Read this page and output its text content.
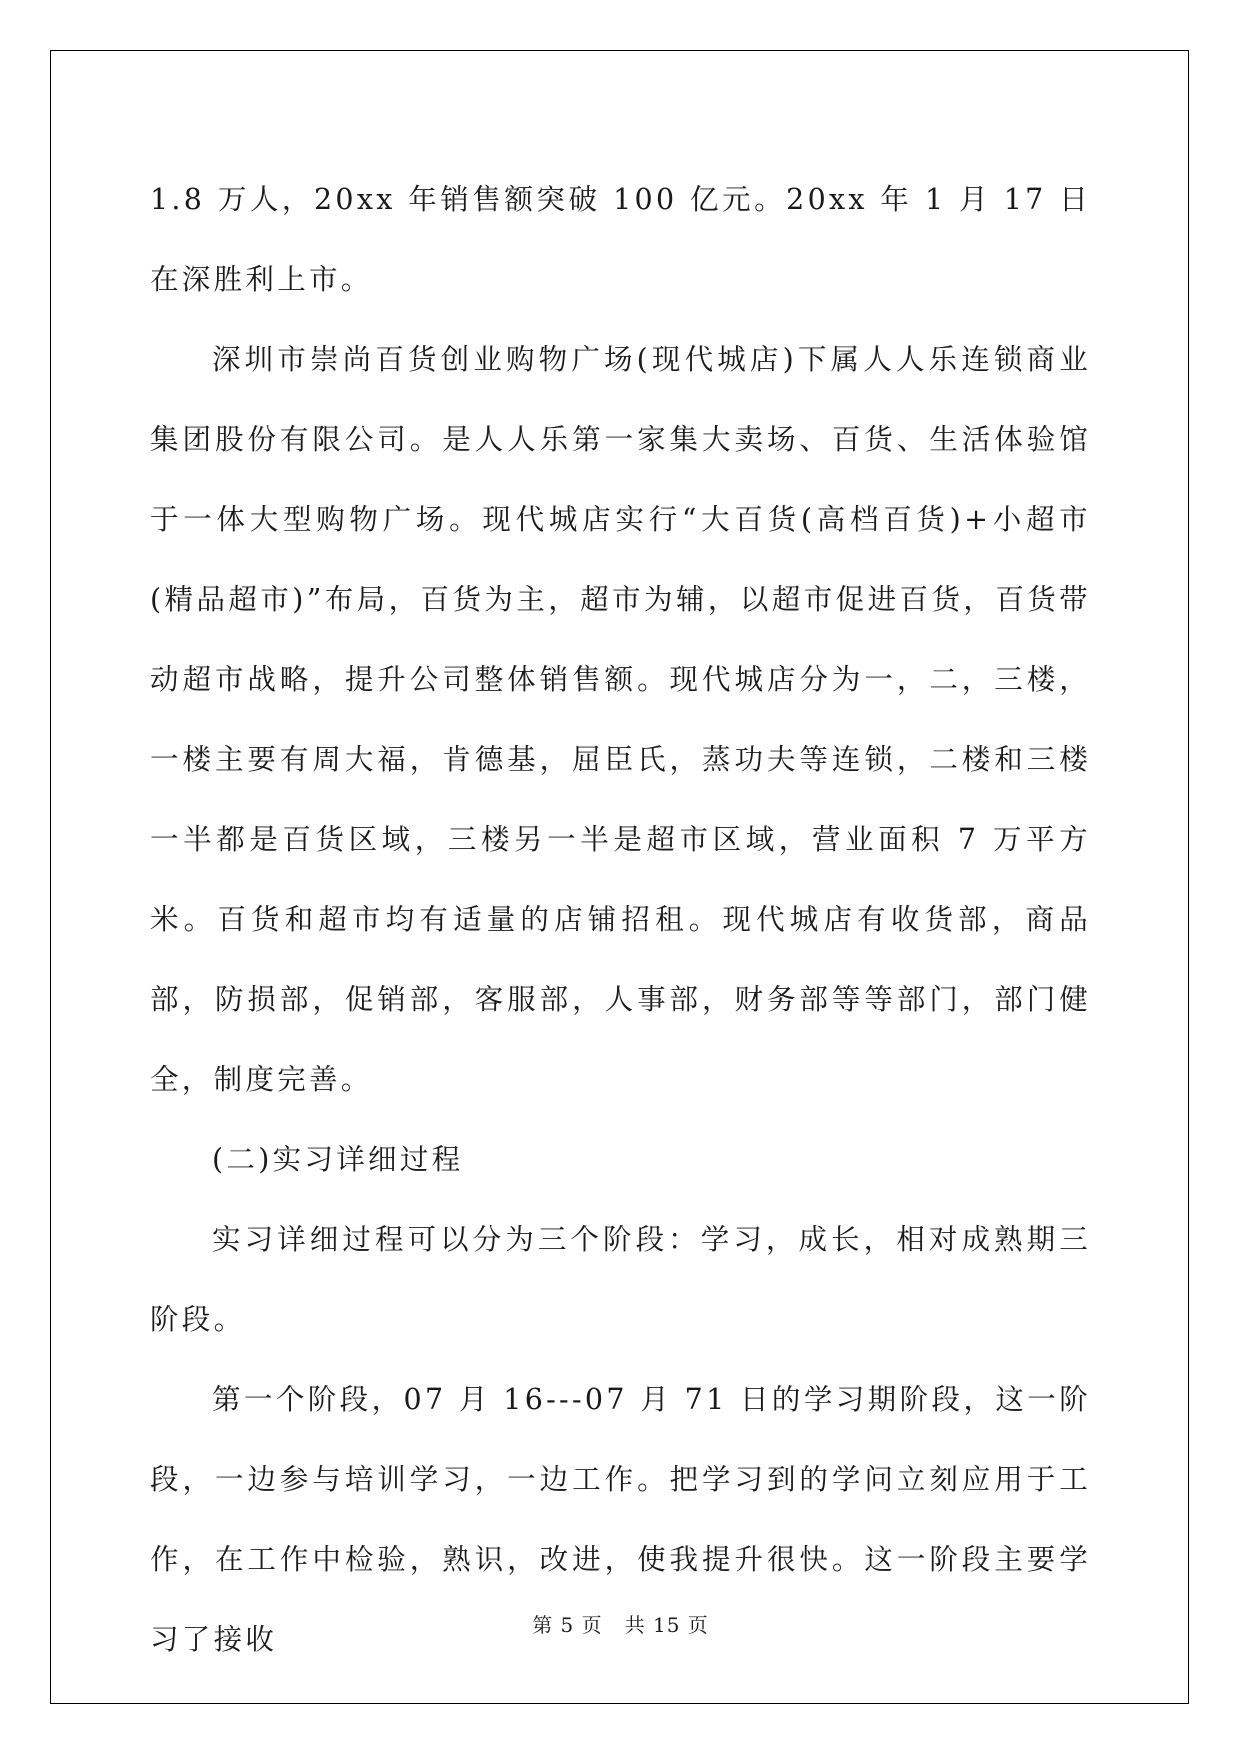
1.8 万人，20xx 年销售额突破 100 亿元。20xx 年 1 月 17 日在深胜利上市。

深圳市崇尚百货创业购物广场(现代城店)下属人人乐连锁商业集团股份有限公司。是人人乐第一家集大卖场、百货、生活体验馆于一体大型购物广场。现代城店实行“大百货(高档百货)+小超市(精品超市)”布局，百货为主，超市为辅，以超市促进百货，百货带动超市战略，提升公司整体销售额。现代城店分为一，二，三楼，一楼主要有周大福，肯德基，屈臣氏，蒸功夫等连锁，二楼和三楼一半都是百货区域，三楼另一半是超市区域，营业面积 7 万平方米。百货和超市均有适量的店铺招租。现代城店有收货部，商品部，防损部，促销部，客服部，人事部，财务部等等部门，部门健全，制度完善。

(二)实习详细过程

实习详细过程可以分为三个阶段：学习，成长，相对成熟期三阶段。

第一个阶段，07 月 16---07 月 71 日的学习期阶段，这一阶段，一边参与培训学习，一边工作。把学习到的学问立刻应用于工作，在工作中检验，熟识，改进，使我提升很快。这一阶段主要学习了接收	第 5 页 共 15 页
